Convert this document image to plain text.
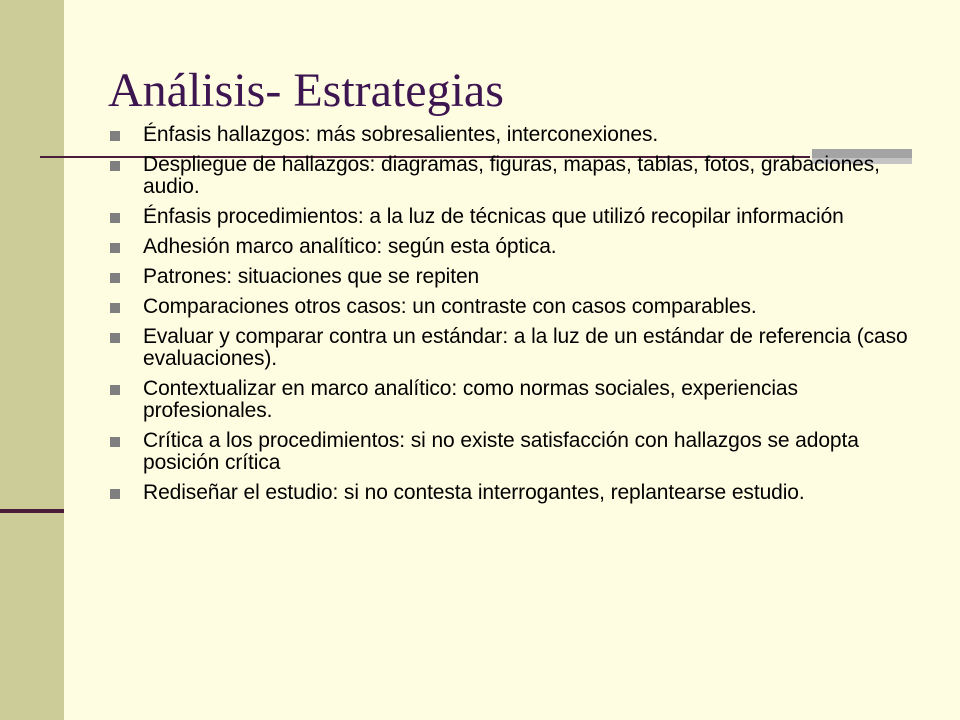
Análisis- Estrategias
Énfasis hallazgos: más sobresalientes, interconexiones.
Despliegue de hallazgos: diagramas, figuras, mapas, tablas, fotos, grabaciones, audio.
Énfasis procedimientos: a la luz de técnicas que utilizó recopilar información
Adhesión marco analítico: según esta óptica.
Patrones: situaciones que se repiten
Comparaciones otros casos: un contraste con casos comparables.
Evaluar y comparar contra un estándar: a la luz de un estándar de referencia (caso evaluaciones).
Contextualizar en marco analítico: como normas sociales, experiencias profesionales.
Crítica a los procedimientos: si no existe satisfacción con hallazgos se adopta posición crítica
Rediseñar el estudio: si no contesta interrogantes, replantearse estudio.
